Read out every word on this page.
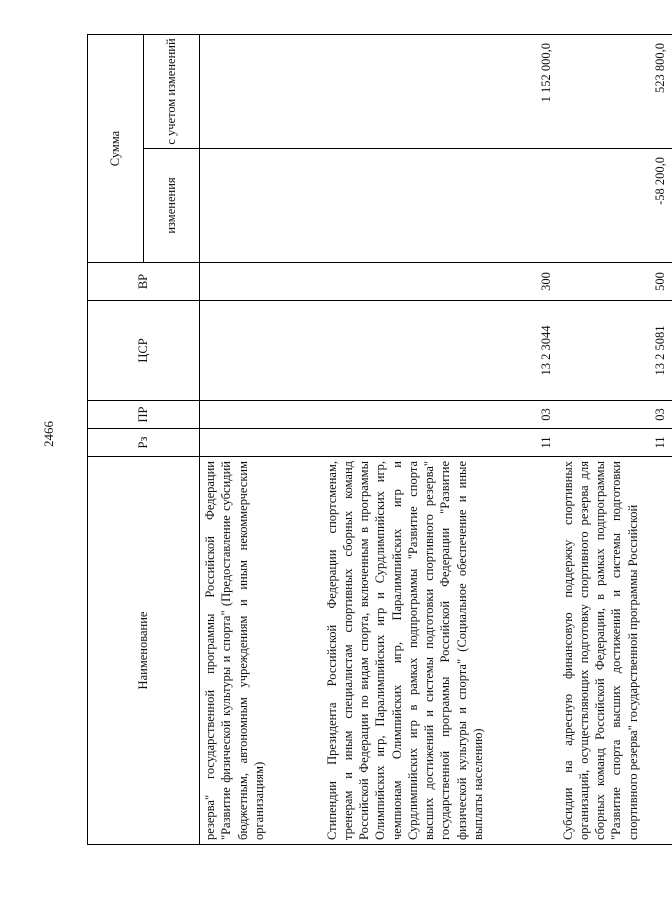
2466
Наименование	Рз	ПР	ЦСР	ВР	Сумма	
					изменения	с учетом изменений
резерва" государственной программы Российской Федерации "Развитие физической культуры и спорта" (Предоставление субсидий бюджетным, автономным учреждениям и иным некоммерческим организациям)						
Стипендии Президента Российской Федерации спортсменам, тренерам и иным специалистам спортивных сборных команд Российской Федерации по видам спорта, включенным в программы Олимпийских игр, Паралимпийских игр и Сурдлимпийских игр, чемпионам Олимпийских игр, Паралимпийских игр и Сурдлимпийских игр в рамках подпрограммы "Развитие спорта высших достижений и системы подготовки спортивного резерва" государственной программы Российской Федерации "Развитие физической культуры и спорта" (Социальное обеспечение и иные выплаты населению)	11	03	13 2 3044	300		1 152 000,0
Субсидии на адресную финансовую поддержку спортивных организаций, осуществляющих подготовку спортивного резерва для сборных команд Российской Федерации, в рамках подпрограммы "Развитие спорта высших достижений и системы подготовки спортивного резерва" государственной программы Российской	11	03	13 2 5081	500	-58 200,0	523 800,0
